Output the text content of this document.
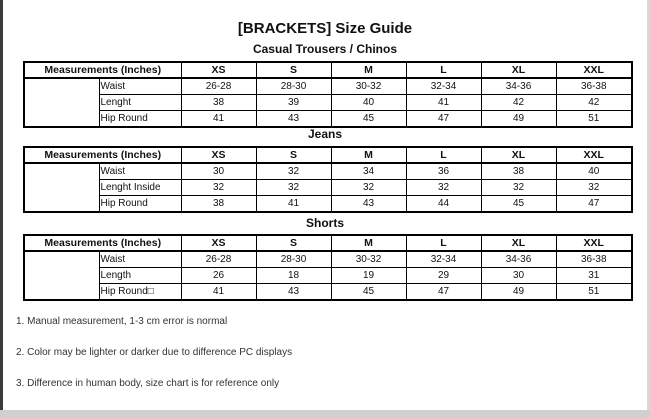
[BRACKETS] Size Guide
Casual Trousers / Chinos
Measurements (Inches)		XS	S	M	L	XL	XXL
	Waist	26-28	28-30	30-32	32-34	34-36	36-38
	Lenght	38	39	40	41	42	42
	Hip Round	41	43	45	47	49	51
Jeans
Measurements (Inches)		XS	S	M	L	XL	XXL
	Waist	30	32	34	36	38	40
	Lenght Inside	32	32	32	32	32	32
	Hip Round	38	41	43	44	45	47
Shorts
Measurements (Inches)		XS	S	M	L	XL	XXL
	Waist	26-28	28-30	30-32	32-34	34-36	36-38
	Length	26	18	19	29	30	31
	Hip Round□	41	43	45	47	49	51
1. Manual measurement, 1-3 cm error is normal
2. Color may be lighter or darker due to difference PC displays
3. Difference in human body, size chart is for reference only
